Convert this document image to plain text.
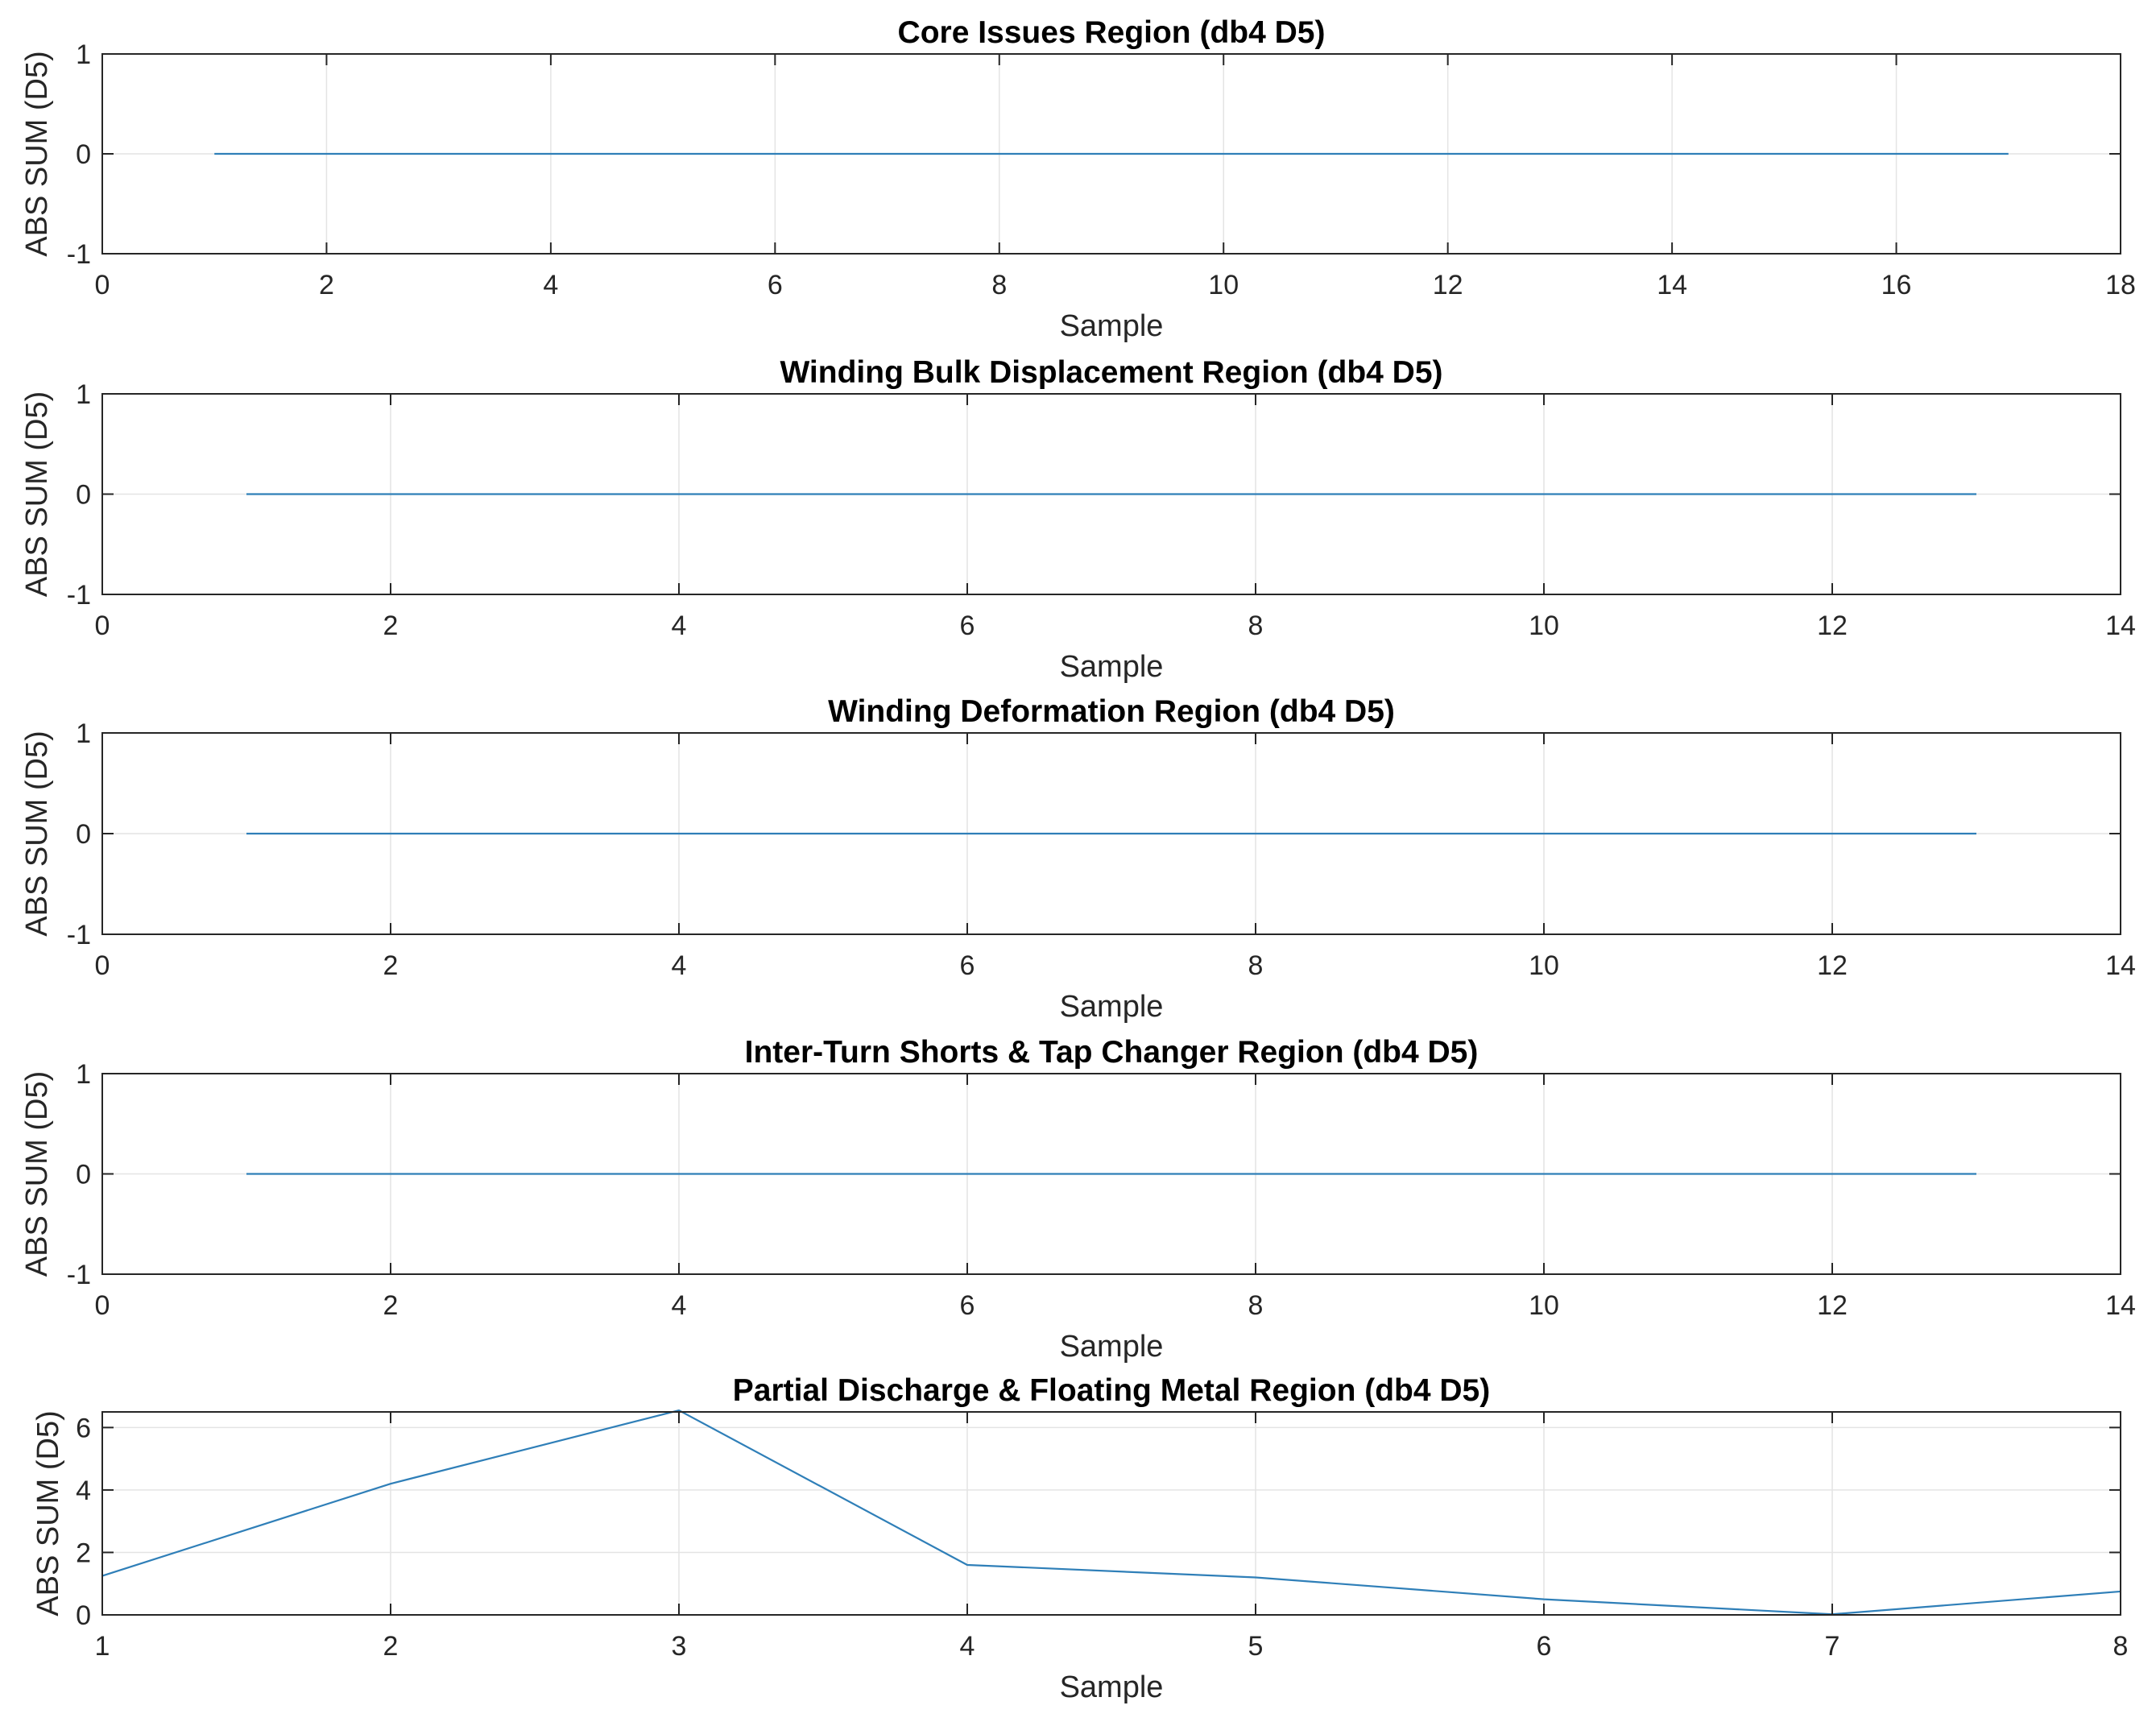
0	2	4	6	8	10	12	14	16	18
-1
0
1
Core Issues Region (db4 D5)
Sample
ABS SUM (D5)
0	2	4	6	8	10	12	14
-1
0
1
Winding Bulk Displacement Region (db4 D5)
Sample
ABS SUM (D5)
0	2	4	6	8	10	12	14
-1
0
1
Winding Deformation Region (db4 D5)
Sample
ABS SUM (D5)
0	2	4	6	8	10	12	14
-1
0
1
Inter-Turn Shorts & Tap Changer Region (db4 D5)
Sample
ABS SUM (D5)
1	2	3	4	5	6	7	8
0
2
4
6
Partial Discharge & Floating Metal Region (db4 D5)
Sample
ABS SUM (D5)
